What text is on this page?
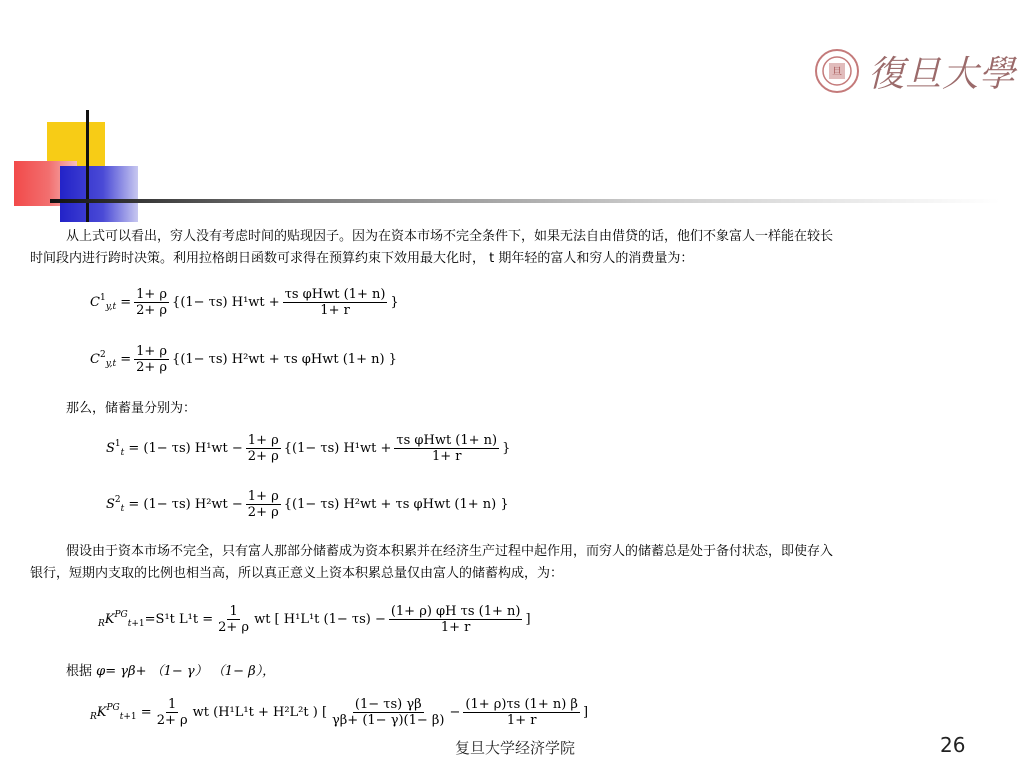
旦 復旦大學
从上式可以看出，穷人没有考虑时间的贴现因子。因为在资本市场不完全条件下，如果无法自由借贷的话，他们不象富人一样能在较长
时间段内进行跨时决策。利用拉格朗日函数可求得在预算约束下效用最大化时， t 期年轻的富人和穷人的消费量为：
$C^1_{y,t} = \frac{1+ \rho}{2+ \rho} \{(1- \tau s) H^1wt + \frac{\text{τs φHwt (1+ n)}}{1+ r}$ }
$C^2_{y,t} = \frac{1+ \rho}{2+ \rho} \{(1- \tau s) H^2wt + \tau s$ φHwt (1+ n) }
那么，储蓄量分别为：
$S^1_t = (1- \tau s) H^1wt - \frac{1+ \rho}{2+ \rho} \{(1- \tau s) H^1wt + \frac{\text{τs φHwt (1+ n)}}{1+ r}$ }
$S^2_t = (1- \tau s) H^2wt - \frac{1+ \rho}{2+ \rho} \{(1- \tau s) H^2wt + \tau s$ φHwt (1+ n) }
假设由于资本市场不完全，只有富人那部分储蓄成为资本积累并在经济生产过程中起作用，而穷人的储蓄总是处于备付状态，即使存入
银行，短期内支取的比例也相当高，所以真正意义上资本积累总量仅由富人的储蓄构成，为：
$_RK^{PG}_{t+1} =S^1t$ $L^1t = \frac{1}{2+ \rho}$ wt [ H¹L¹t $(1- \tau s) - \frac{\text{(1+ ρ) φH τs (1+ n)}}{1+ r}$ ]
根据 φ= γβ+ （1− γ） （1− β），
$_RK^{PG}_{t+1} = \frac{1}{2+ \rho}$ wt (H¹L¹t + H²L²t ) [ $\frac{(1- \tau s) \gamma\beta}{\gamma\beta+ (1- \gamma)(1- \beta)} - \frac{(1+ \rho)\tau s (1+ n) \beta}{1+ r}$ ]
复旦大学经济学院	26
